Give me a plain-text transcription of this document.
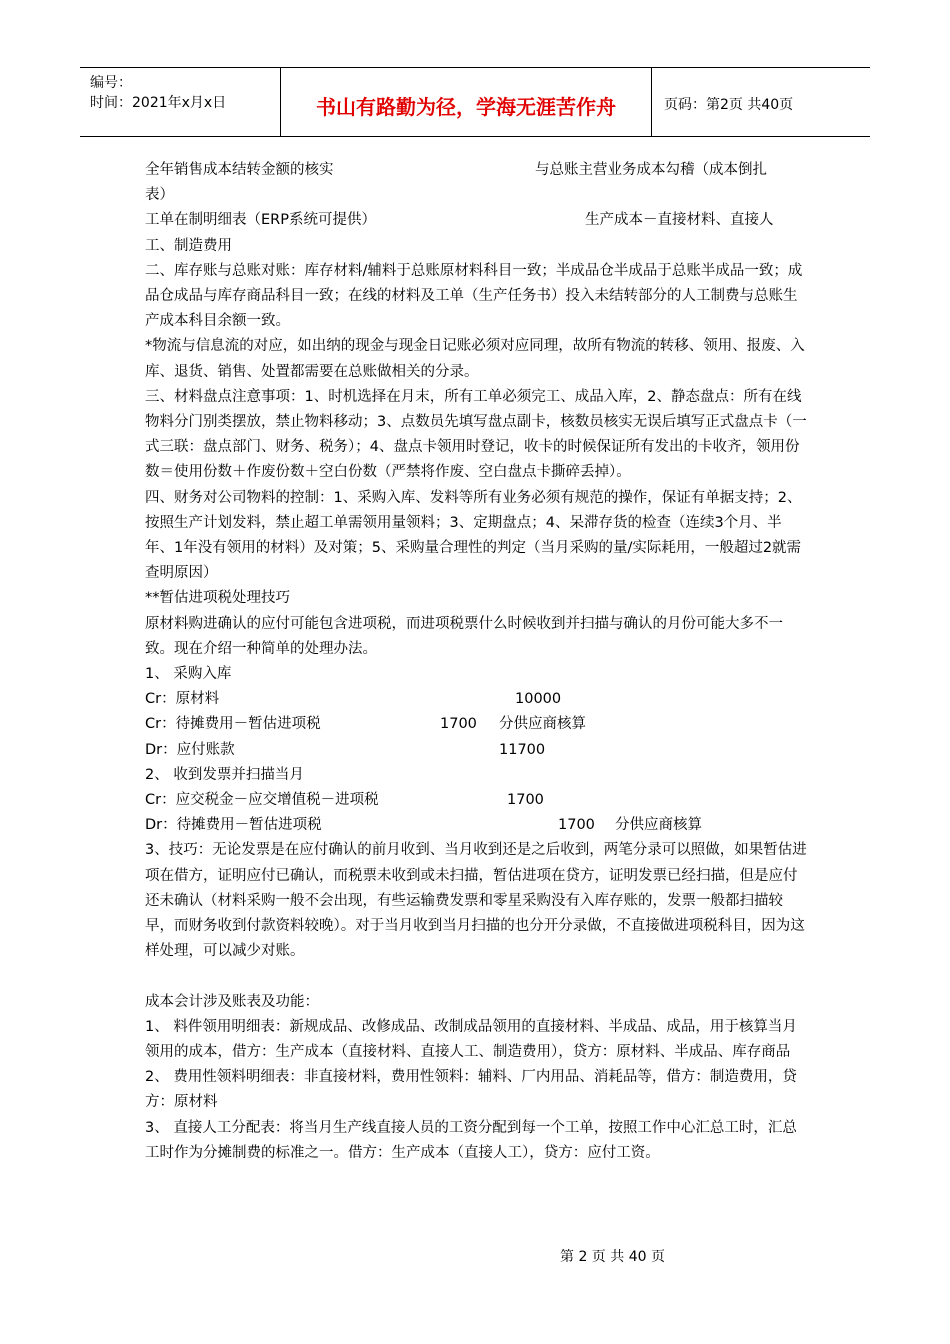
编号：
时间：2021年x月x日	书山有路勤为径，学海无涯苦作舟	页码：第2页 共40页
全年销售成本结转金额的核实	与总账主营业务成本勾稽（成本倒扎
表）
工单在制明细表（ERP系统可提供）	生产成本－直接材料、直接人
工、制造费用
二、库存账与总账对账：库存材料/辅料于总账原材料科目一致；半成品仓半成品于总账半成品一致；成品仓成品与库存商品科目一致；在线的材料及工单（生产任务书）投入未结转部分的人工制费与总账生产成本科目余额一致。
*物流与信息流的对应，如出纳的现金与现金日记账必须对应同理，故所有物流的转移、领用、报废、入库、退货、销售、处置都需要在总账做相关的分录。
三、材料盘点注意事项：1、时机选择在月末，所有工单必须完工、成品入库，2、静态盘点：所有在线物料分门别类摆放，禁止物料移动；3、点数员先填写盘点副卡，核数员核实无误后填写正式盘点卡（一式三联：盘点部门、财务、税务）；4、盘点卡领用时登记，收卡的时候保证所有发出的卡收齐，领用份数＝使用份数＋作废份数＋空白份数（严禁将作废、空白盘点卡撕碎丢掉）。
四、财务对公司物料的控制：1、采购入库、发料等所有业务必须有规范的操作，保证有单据支持；2、按照生产计划发料，禁止超工单需领用量领料；3、定期盘点；4、呆滞存货的检查（连续3个月、半年、1年没有领用的材料）及对策；5、采购量合理性的判定（当月采购的量/实际耗用，一般超过2就需查明原因）
**暂估进项税处理技巧
原材料购进确认的应付可能包含进项税，而进项税票什么时候收到并扫描与确认的月份可能大多不一致。现在介绍一种简单的处理办法。
1、 采购入库
Cr：原材料	10000
Cr：待摊费用－暂估进项税	1700 分供应商核算
Dr：应付账款	11700
2、 收到发票并扫描当月
Cr：应交税金－应交增值税－进项税	1700
Dr：待摊费用－暂估进项税	1700 分供应商核算
3、技巧：无论发票是在应付确认的前月收到、当月收到还是之后收到，两笔分录可以照做，如果暂估进项在借方，证明应付已确认，而税票未收到或未扫描，暂估进项在贷方，证明发票已经扫描，但是应付还未确认（材料采购一般不会出现，有些运输费发票和零星采购没有入库存账的，发票一般都扫描较早，而财务收到付款资料较晚）。对于当月收到当月扫描的也分开分录做，不直接做进项税科目，因为这样处理，可以减少对账。
成本会计涉及账表及功能：
1、 料件领用明细表：新规成品、改修成品、改制成品领用的直接材料、半成品、成品，用于核算当月领用的成本，借方：生产成本（直接材料、直接人工、制造费用），贷方：原材料、半成品、库存商品
2、 费用性领料明细表：非直接材料，费用性领料：辅料、厂内用品、消耗品等，借方：制造费用，贷方：原材料
3、 直接人工分配表：将当月生产线直接人员的工资分配到每一个工单，按照工作中心汇总工时，汇总工时作为分摊制费的标准之一。借方：生产成本（直接人工），贷方：应付工资。
第 2 页 共 40 页
